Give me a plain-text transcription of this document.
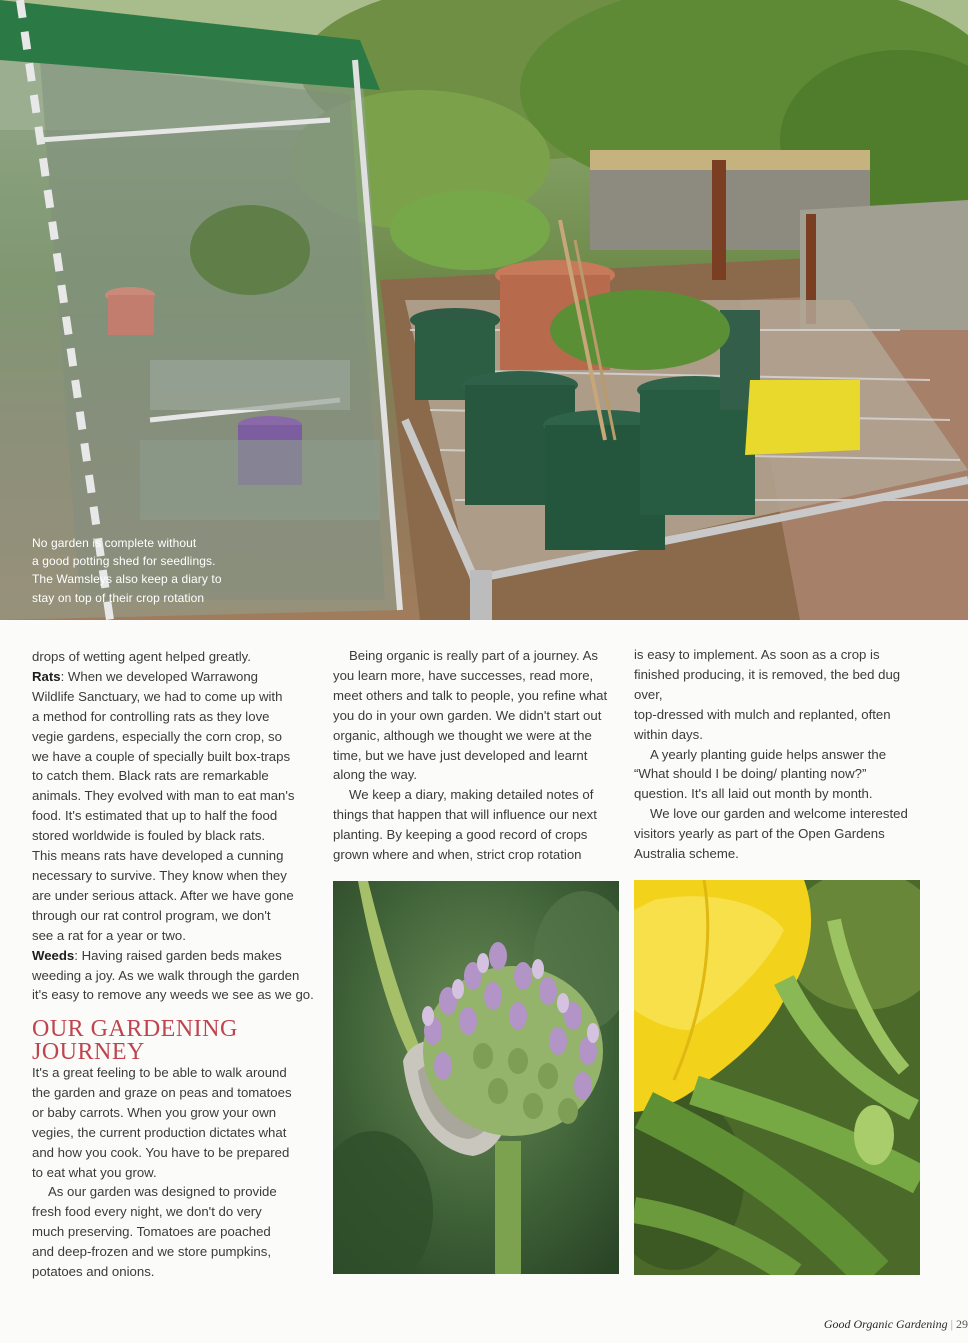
No garden is complete without
a good potting shed for seedlings.
The Wamsleys also keep a diary to
stay on top of their crop rotation
drops of wetting agent helped greatly.
Rats: When we developed Warrawong
Wildlife Sanctuary, we had to come up with
a method for controlling rats as they love
vegie gardens, especially the corn crop, so
we have a couple of specially built box-traps
to catch them. Black rats are remarkable
animals. They evolved with man to eat man's
food. It's estimated that up to half the food
stored worldwide is fouled by black rats.
This means rats have developed a cunning
necessary to survive. They know when they
are under serious attack. After we have gone
through our rat control program, we don't
see a rat for a year or two.
Weeds: Having raised garden beds makes
weeding a joy. As we walk through the garden
it's easy to remove any weeds we see as we go.
OUR GARDENING
JOURNEY
It's a great feeling to be able to walk around
the garden and graze on peas and tomatoes
or baby carrots. When you grow your own
vegies, the current production dictates what
and how you cook. You have to be prepared
to eat what you grow.
As our garden was designed to provide
fresh food every night, we don't do very
much preserving. Tomatoes are poached
and deep-frozen and we store pumpkins,
potatoes and onions.
Being organic is really part of a journey. As
you learn more, have successes, read more,
meet others and talk to people, you refine what
you do in your own garden. We didn't start out
organic, although we thought we were at the
time, but we have just developed and learnt
along the way.
We keep a diary, making detailed notes of
things that happen that will influence our next
planting. By keeping a good record of crops
grown where and when, strict crop rotation
is easy to implement. As soon as a crop is
finished producing, it is removed, the bed dug
over,
top-dressed with mulch and replanted, often
within days.
A yearly planting guide helps answer the
“What should I be doing/ planting now?”
question. It's all laid out month by month.
We love our garden and welcome interested
visitors yearly as part of the Open Gardens
Australia scheme.
Good Organic Gardening | 29
